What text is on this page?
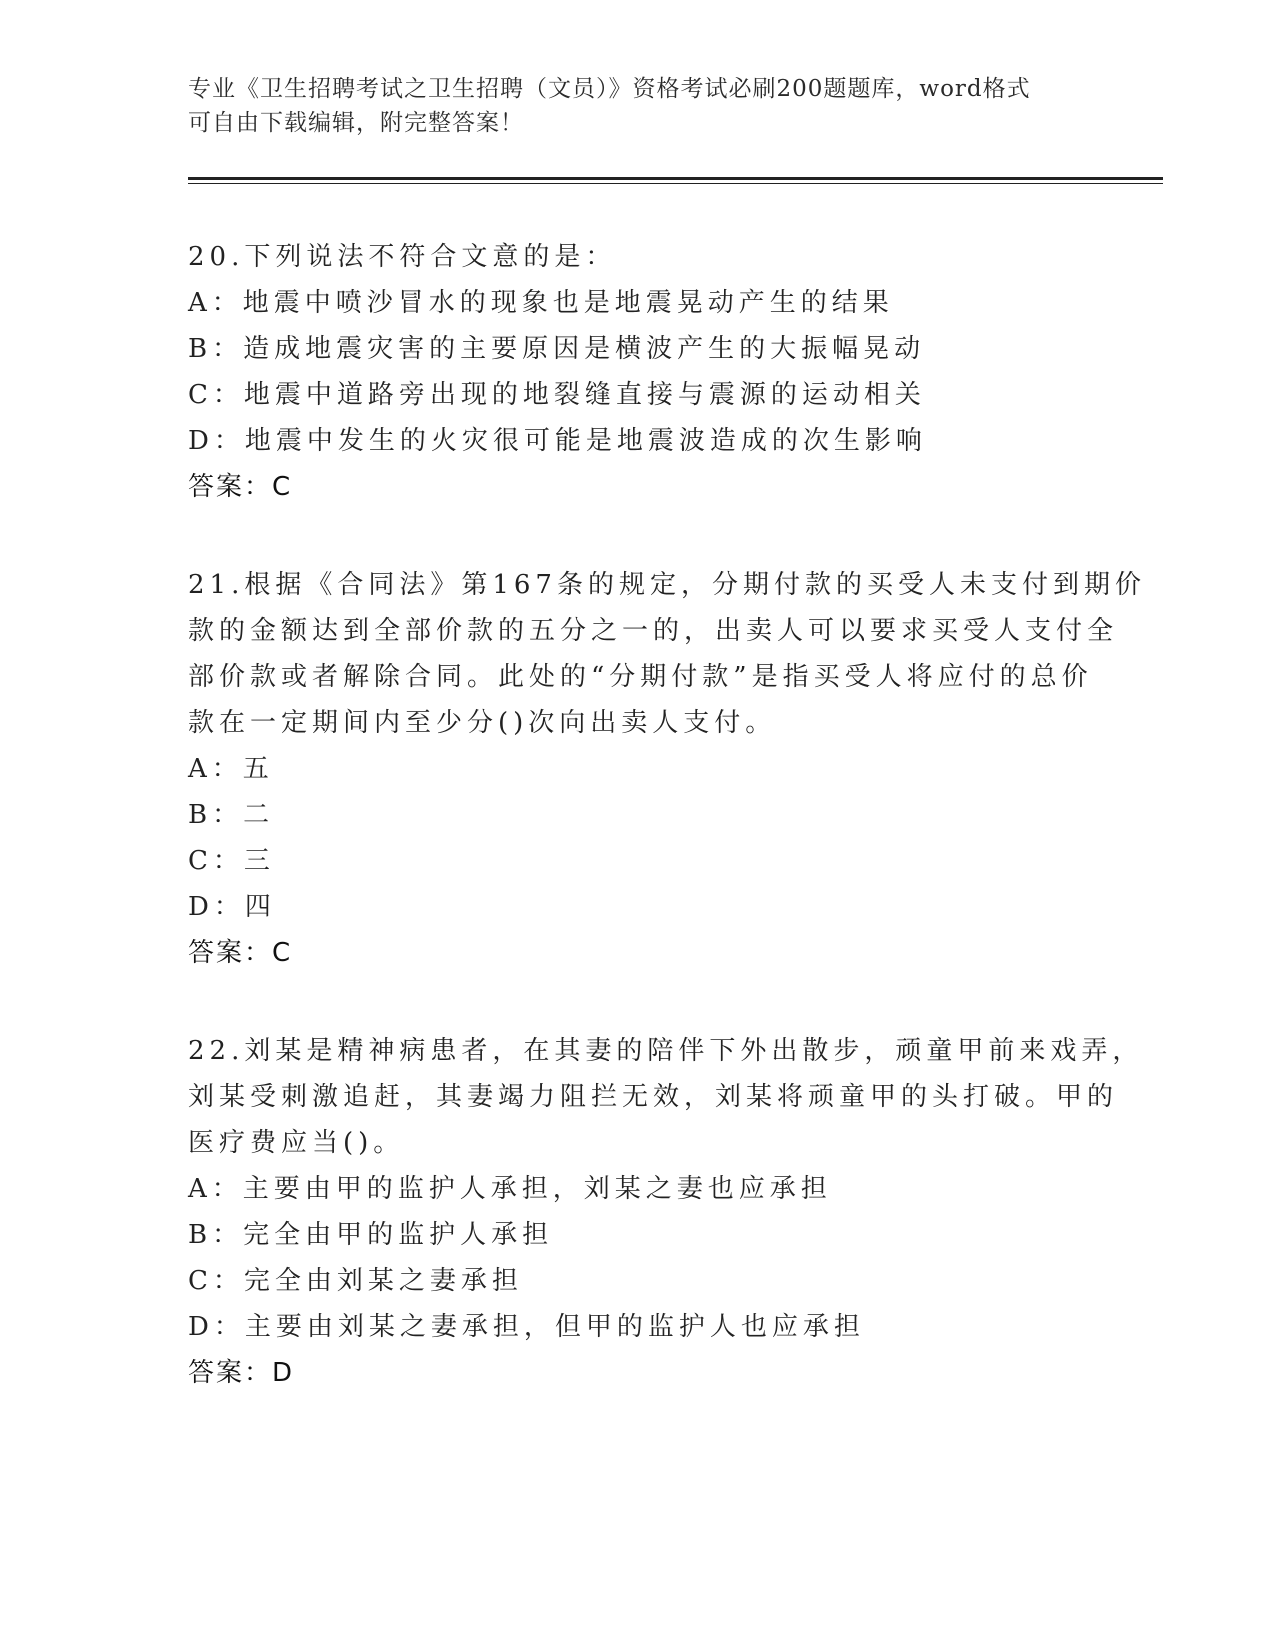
专业《卫生招聘考试之卫生招聘（文员）》资格考试必刷200题题库，word格式
可自由下载编辑，附完整答案！
20.下列说法不符合文意的是：
A：地震中喷沙冒水的现象也是地震晃动产生的结果
B：造成地震灾害的主要原因是横波产生的大振幅晃动
C：地震中道路旁出现的地裂缝直接与震源的运动相关
D：地震中发生的火灾很可能是地震波造成的次生影响
答案：C
21.根据《合同法》第167条的规定，分期付款的买受人未支付到期价
款的金额达到全部价款的五分之一的，出卖人可以要求买受人支付全
部价款或者解除合同。此处的“分期付款”是指买受人将应付的总价
款在一定期间内至少分()次向出卖人支付。
A：五
B：二
C：三
D：四
答案：C
22.刘某是精神病患者，在其妻的陪伴下外出散步，顽童甲前来戏弄，
刘某受刺激追赶，其妻竭力阻拦无效，刘某将顽童甲的头打破。甲的
医疗费应当()。
A：主要由甲的监护人承担，刘某之妻也应承担
B：完全由甲的监护人承担
C：完全由刘某之妻承担
D：主要由刘某之妻承担，但甲的监护人也应承担
答案：D
